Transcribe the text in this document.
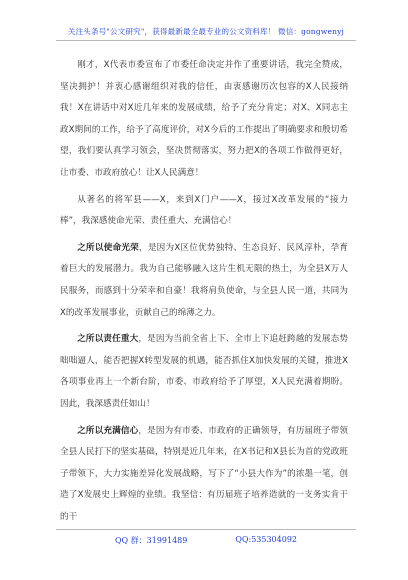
关注头条号"公文研究"，获得最新最全最专业的公文资料库！ 微信：gongwenyj

刚才，X代表市委宣布了市委任命决定并作了重要讲话，我完全赞成，坚决拥护！并衷心感谢组织对我的信任，由衷感谢历次包容的X人民接纳我！X在讲话中对X近几年来的发展成绩，给予了充分肯定；对X、X同志主政X期间的工作，给予了高度评价，对X今后的工作提出了明确要求和殷切希望，我们要认真学习领会，坚决贯彻落实，努力把X的各项工作做得更好，让市委、市政府放心！让X人民满意！

从著名的将军县——X，来到X门户——X，接过X改革发展的“接力棒”，我深感使命光荣、责任重大、充满信心！

之所以使命光荣，是因为X区位优势独特、生态良好、民风淳朴，孕育着巨大的发展潜力。我为自己能够融入这片生机无限的热土，为全县X万人民服务，而感到十分荣幸和自豪！我将肩负使命，与全县人民一道，共同为X的改革发展事业，贡献自己的绵薄之力。

之所以责任重大，是因为当前全省上下、全市上下追赶跨越的发展态势咄咄逼人，能否把握X转型发展的机遇，能否抓住X加快发展的关键，推进X各项事业再上一个新台阶，市委、市政府给予了厚望，X人民充满着期盼。因此，我深感责任如山！

之所以充满信心，是因为有市委、市政府的正确领导，有历届班子带领全县人民打下的坚实基础，特别是近几年来，在X书记和X县长为首的党政班子带领下，大力实施差异化发展战略，写下了“小县大作为”的浓墨一笔，创造了X发展史上辉煌的业绩。我坚信：有历届班子培养造就的一支务实肯干的干

QQ 群：31991489	QQ:535304092
